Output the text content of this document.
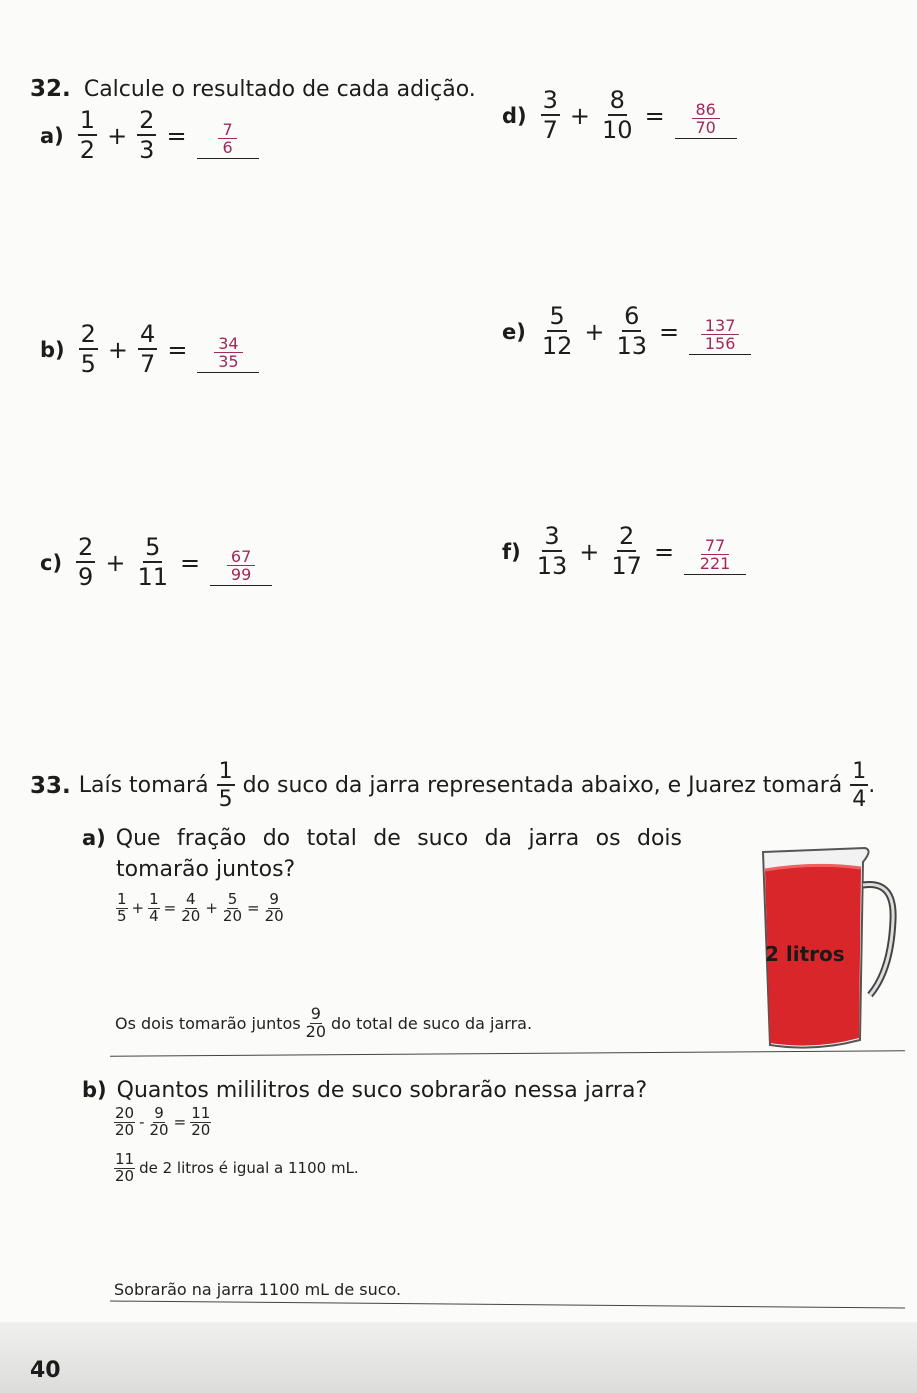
32. Calcule o resultado de cada adição.
$a) \frac{1}{2} + \frac{2}{3} = \frac{7}{6}$
$b) \frac{2}{5} + \frac{4}{7} = \frac{34}{35}$
$c) \frac{2}{9} + \frac{5}{11} = \frac{67}{99}$
$d) \frac{3}{7} + \frac{8}{10} = \frac{86}{70}$
$e) \frac{5}{12} + \frac{6}{13} = \frac{137}{156}$
$f) \frac{3}{13} + \frac{2}{17} = \frac{77}{221}$
33. Laís tomará $\frac{1}{5}$ do suco da jarra representada abaixo, e Juarez tomará $\frac{1}{4}$ .
a) Que fração do total de suco da jarra os dois
tomarão juntos?
1
$5 + \frac{1}{4} = \frac{4}{20} + \frac{5}{20} = \frac{9}{20}$
Os dois tomarão juntos
9
20 do total de suco da jarra.
2 litros
b) Quantos mililitros de suco sobrarão nessa jarra?
20
$20 - \frac{9}{20} = \frac{11}{20}$
11
20 de 2 litros é igual a 1100 mL.
Sobrarão na jarra 1100 mL de suco.
40
